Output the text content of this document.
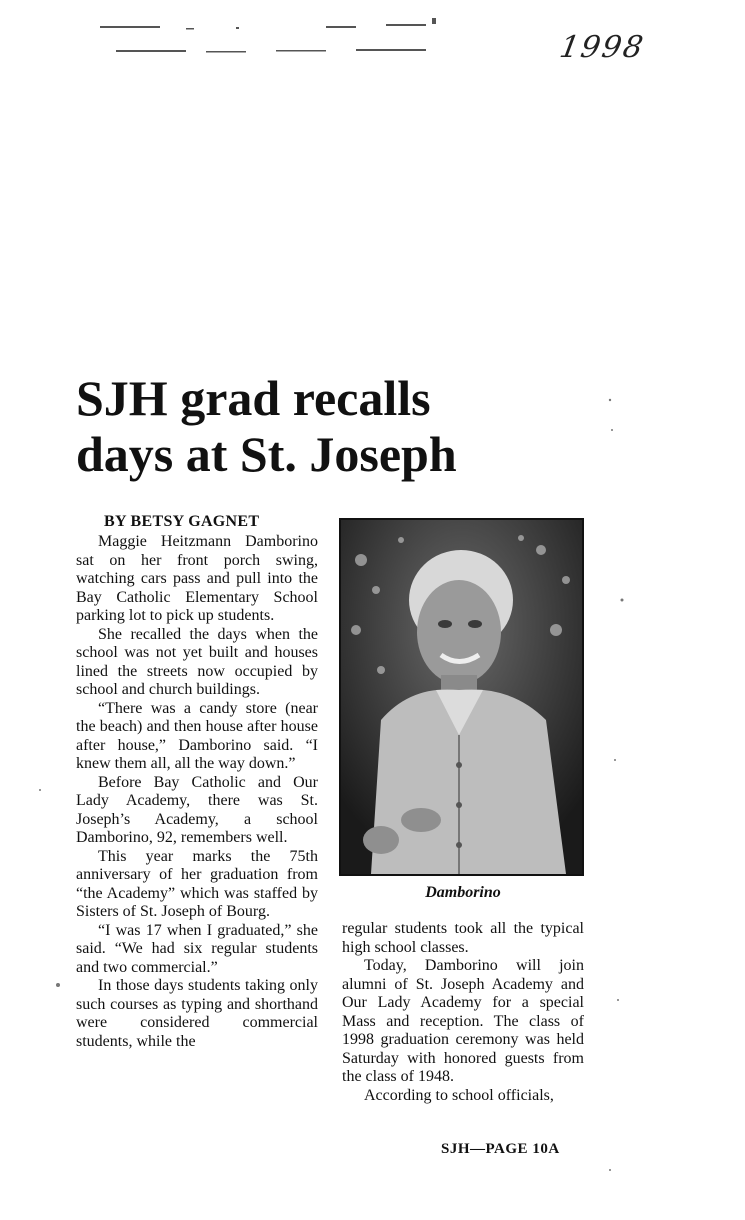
1998
SJH grad recalls
days at St. Joseph
BY BETSY GAGNET

Maggie Heitzmann Damborino sat on her front porch swing, watching cars pass and pull into the Bay Catholic Elementary School parking lot to pick up students.

She recalled the days when the school was not yet built and houses lined the streets now occupied by school and church buildings.

“There was a candy store (near the beach) and then house after house after house,” Damborino said. “I knew them all, all the way down.”

Before Bay Catholic and Our Lady Academy, there was St. Joseph’s Academy, a school Damborino, 92, remembers well.

This year marks the 75th anniversary of her graduation from “the Academy” which was staffed by Sisters of St. Joseph of Bourg.

“I was 17 when I graduated,” she said. “We had six regular students and two commercial.”

In those days students taking only such courses as typing and shorthand were considered commercial students, while the

Damborino

regular students took all the typical high school classes.

Today, Damborino will join alumni of St. Joseph Academy and Our Lady Academy for a special Mass and reception. The class of 1998 graduation ceremony was held Saturday with honored guests from the class of 1948.

According to school officials,

SJH—PAGE 10A
